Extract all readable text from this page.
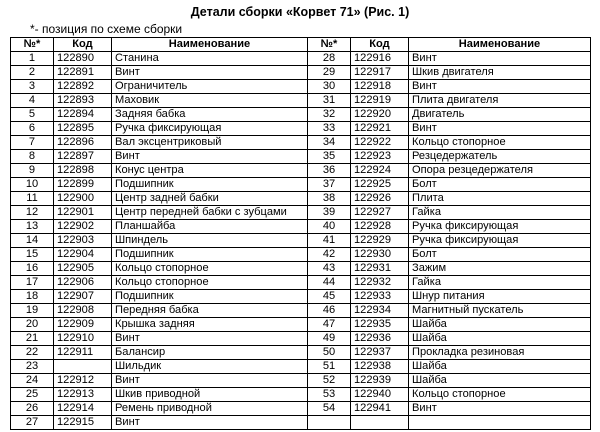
Детали сборки «Корвет 71» (Рис. 1)
*- позиция по схеме сборки
№*	Код	Наименование	№*	Код	Наименование
1	122890	Станина	28	122916	Винт
2	122891	Винт	29	122917	Шкив двигателя
3	122892	Ограничитель	30	122918	Винт
4	122893	Маховик	31	122919	Плита двигателя
5	122894	Задняя бабка	32	122920	Двигатель
6	122895	Ручка фиксирующая	33	122921	Винт
7	122896	Вал эксцентриковый	34	122922	Кольцо стопорное
8	122897	Винт	35	122923	Резцедержатель
9	122898	Конус центра	36	122924	Опора резцедержателя
10	122899	Подшипник	37	122925	Болт
11	122900	Центр задней бабки	38	122926	Плита
12	122901	Центр передней бабки с зубцами	39	122927	Гайка
13	122902	Планшайба	40	122928	Ручка фиксирующая
14	122903	Шпиндель	41	122929	Ручка фиксирующая
15	122904	Подшипник	42	122930	Болт
16	122905	Кольцо стопорное	43	122931	Зажим
17	122906	Кольцо стопорное	44	122932	Гайка
18	122907	Подшипник	45	122933	Шнур питания
19	122908	Передняя бабка	46	122934	Магнитный пускатель
20	122909	Крышка задняя	47	122935	Шайба
21	122910	Винт	49	122936	Шайба
22	122911	Балансир	50	122937	Прокладка резиновая
23		Шильдик	51	122938	Шайба
24	122912	Винт	52	122939	Шайба
25	122913	Шкив приводной	53	122940	Кольцо стопорное
26	122914	Ремень приводной	54	122941	Винт
27	122915	Винт			
